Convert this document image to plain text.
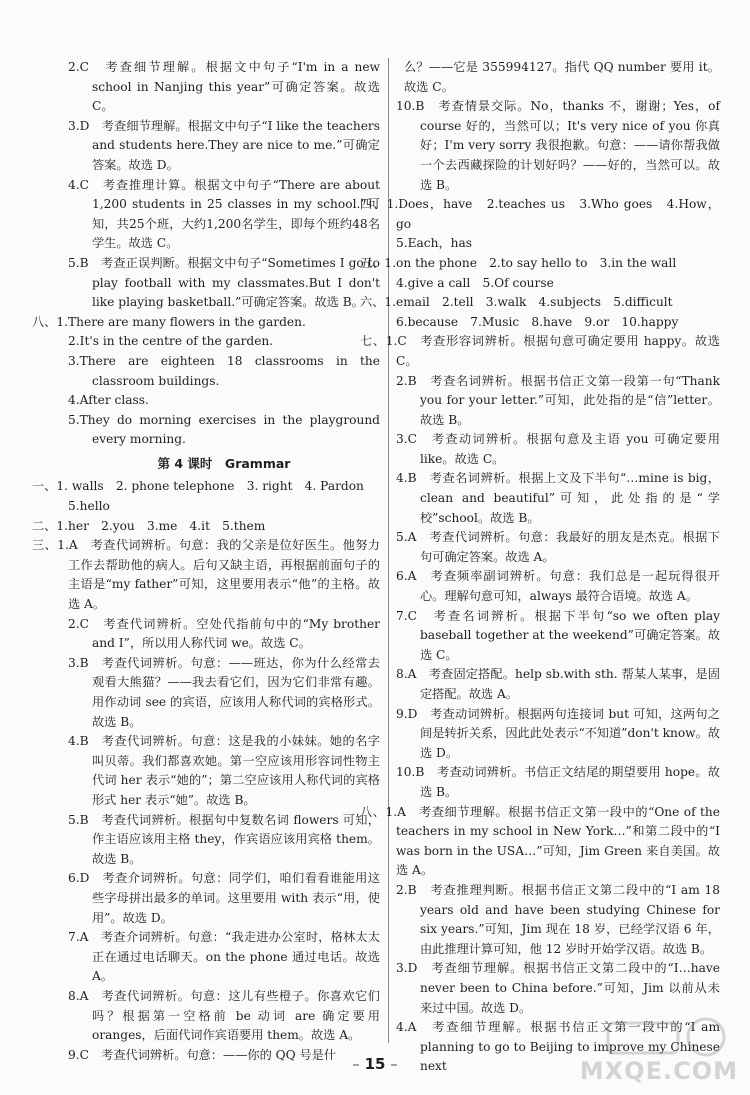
2.C　考查细节理解。根据文中句子“I'm in a new school in Nanjing this year”可确定答案。故选 C。

3.D　考查细节理解。根据文中句子“I like the teachers and students here.They are nice to me.”可确定答案。故选 D。

4.C　考查推理计算。根据文中句子“There are about 1,200 students in 25 classes in my school.”可知，共25个班，大约1,200名学生，即每个班约48名学生。故选 C。

5.B　考查正误判断。根据文中句子“Sometimes I go to play football with my classmates.But I don't like playing basketball.”可确定答案。故选 B。

八、1.There are many flowers in the garden.

2.It's in the centre of the garden.

3.There are eighteen 18 classrooms in the classroom buildings.

4.After class.

5.They do morning exercises in the playground every morning.

第 4 课时　Grammar

一、1. walls　2. phone telephone　3. right　4. Pardon

5.hello

二、1.her　2.you　3.me　4.it　5.them

三、1.A　考查代词辨析。句意：我的父亲是位好医生。他努力工作去帮助他的病人。后句又缺主语，再根据前面句子的主语是“my father”可知，这里要用表示“他”的主格。故选 A。

2.C　考查代词辨析。空处代指前句中的“My brother and I”，所以用人称代词 we。故选 C。

3.B　考查代词辨析。句意：——班达，你为什么经常去观看大熊猫？——我去看它们，因为它们非常有趣。用作动词 see 的宾语，应该用人称代词的宾格形式。故选 B。

4.B　考查代词辨析。句意：这是我的小妹妹。她的名字叫贝蒂。我们都喜欢她。第一空应该用形容词性物主代词 her 表示“她的”；第二空应该用人称代词的宾格形式 her 表示“她”。故选 B。

5.B　考查代词辨析。根据句中复数名词 flowers 可知，作主语应该用主格 they，作宾语应该用宾格 them。故选 B。

6.D　考查介词辨析。句意：同学们，咱们看看谁能用这些字母拼出最多的单词。这里要用 with 表示“用，使用”。故选 D。

7.A　考查介词辨析。句意：“我走进办公室时，格林太太正在通过电话聊天。on the phone 通过电话。故选 A。

8.A　考查代词辨析。句意：这儿有些橙子。你喜欢它们吗？根据第一空格前 be 动词 are 确定要用 oranges，后面代词作宾语要用 them。故选 A。

9.C　考查代词辨析。句意：——你的 QQ 号是什

么？——它是 355994127。指代 QQ number 要用 it。故选 C。

10.B　考查情景交际。No，thanks 不，谢谢；Yes，of course 好的，当然可以；It's very nice of you 你真好；I'm very sorry 我很抱歉。句意：——请你帮我做一个去西藏探险的计划好吗？——好的，当然可以。故选 B。

四、1.Does，have　2.teaches us　3.Who goes　4.How，go

5.Each，has

五、1.on the phone　2.to say hello to　3.in the wall

4.give a call　5.Of course

六、1.email　2.tell　3.walk　4.subjects　5.difficult

6.because　7.Music　8.have　9.or　10.happy

七、1.C　考查形容词辨析。根据句意可确定要用 happy。故选 C。

2.B　考查名词辨析。根据书信正文第一段第一句“Thank you for your letter.”可知，此处指的是“信”letter。故选 B。

3.C　考查动词辨析。根据句意及主语 you 可确定要用 like。故选 C。

4.B　考查名词辨析。根据上文及下半句“…mine is big，clean and beautiful”可知，此处指的是“学校”school。故选 B。

5.A　考查代词辨析。句意：我最好的朋友是杰克。根据下句可确定答案。故选 A。

6.A　考查频率副词辨析。句意：我们总是一起玩得很开心。理解句意可知，always 最符合语境。故选 A。

7.C　考查名词辨析。根据下半句“so we often play baseball together at the weekend”可确定答案。故选 C。

8.A　考查固定搭配。help sb.with sth. 帮某人某事，是固定搭配。故选 A。

9.D　考查动词辨析。根据两句连接词 but 可知，这两句之间是转折关系，因此此处表示“不知道”don't know。故选 D。

10.B　考查动词辨析。书信正文结尾的期望要用 hope。故选 B。

八、1.A　考查细节理解。根据书信正文第一段中的“One of the teachers in my school in New York…”和第二段中的“I was born in the USA…”可知，Jim Green 来自美国。故选 A。

2.B　考查推理判断。根据书信正文第二段中的“I am 18 years old and have been studying Chinese for six years.”可知，Jim 现在 18 岁，已经学汉语 6 年，由此推理计算可知，他 12 岁时开始学汉语。故选 B。

3.D　考查细节理解。根据书信正文第二段中的“I…have never been to China before.”可知，Jim 以前从未来过中国。故选 D。

4.A　考查细节理解。根据书信正文第一段中的“I am planning to go to Beijing to improve my Chinese next

– 15 –	MXQE.COM
